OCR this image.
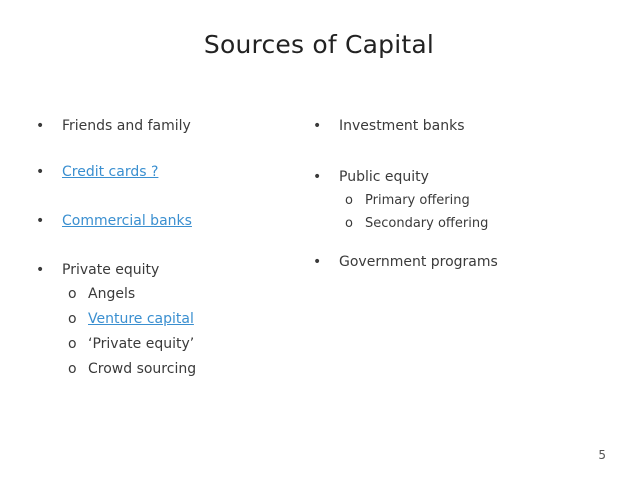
Sources of Capital
•	Friends and family
•	Credit cards ?
•	Commercial banks
•	Private equity
o Angels
o Venture capital
o ‘Private equity’
o Crowd sourcing
•	Investment banks
•	Public equity
o Primary offering
o Secondary offering
•	Government programs
5
